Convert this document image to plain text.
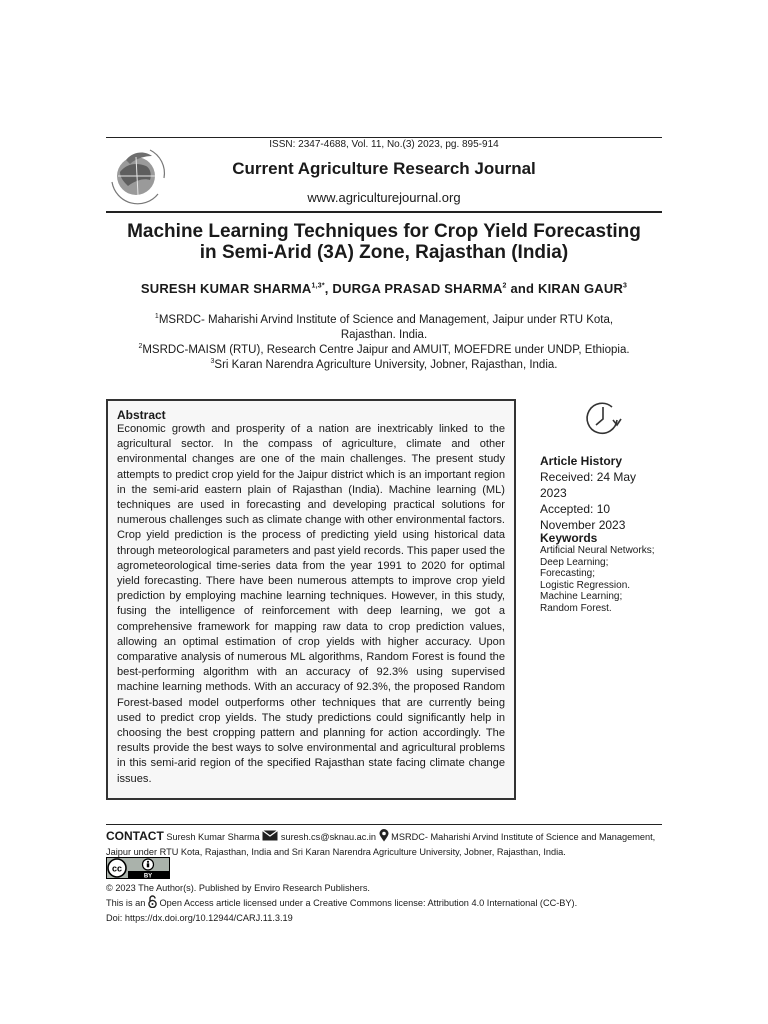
ISSN: 2347-4688, Vol. 11, No.(3) 2023, pg. 895-914
Current Agriculture Research Journal
www.agriculturejournal.org
Machine Learning Techniques for Crop Yield Forecasting
in Semi-Arid (3A) Zone, Rajasthan (India)
SURESH KUMAR $SHARMA^{1,3*}$, DURGA PRASAD SHARMA$^2$ and KIRAN GAUR$^3$
$^1$MSRDC- Maharishi Arvind Institute of Science and Management, Jaipur under RTU Kota, Rajasthan. India.
$^2$MSRDC-MAISM (RTU), Research Centre Jaipur and AMUIT, MOEFDRE under UNDP, Ethiopia.
$^3$Sri Karan Narendra Agriculture University, Jobner, Rajasthan, India.
Abstract
Economic growth and prosperity of a nation are inextricably linked to the agricultural sector. In the compass of agriculture, climate and other environmental changes are one of the main challenges. The present study attempts to predict crop yield for the Jaipur district which is an important region in the semi-arid eastern plain of Rajasthan (India). Machine learning (ML) techniques are used in forecasting and developing practical solutions for numerous challenges such as climate change with other environmental factors. Crop yield prediction is the process of predicting yield using historical data through meteorological parameters and past yield records. This paper used the agrometeorological time-series data from the year 1991 to 2020 for optimal yield forecasting. There have been numerous attempts to improve crop yield prediction by employing machine learning techniques. However, in this study, fusing the intelligence of reinforcement with deep learning, we got a comprehensive framework for mapping raw data to crop prediction values, allowing an optimal estimation of crop yields with higher accuracy. Upon comparative analysis of numerous ML algorithms, Random Forest is found the best-performing algorithm with an accuracy of 92.3% using supervised machine learning methods. With an accuracy of 92.3%, the proposed Random Forest-based model outperforms other techniques that are currently being used to predict crop yields. The study predictions could significantly help in choosing the best cropping pattern and planning for action accordingly. The results provide the best ways to solve environmental and agricultural problems in this semi-arid region of the specified Rajasthan state facing climate change issues.
Article History
Received: 24 May 2023
Accepted: 10 November 2023
Keywords
Artificial Neural Networks;
Deep Learning;
Forecasting;
Logistic Regression.
Machine Learning;
Random Forest.
CONTACT Suresh Kumar Sharma suresh.cs@sknau.ac.in MSRDC- Maharishi Arvind Institute of Science and Management, Jaipur under RTU Kota, Rajasthan, India and Sri Karan Narendra Agriculture University, Jobner, Rajasthan, India.
cc
BY
© 2023 The Author(s). Published by Enviro Research Publishers.
This is an Open Access article licensed under a Creative Commons license: Attribution 4.0 International (CC-BY).
Doi: https://dx.doi.org/10.12944/CARJ.11.3.19
